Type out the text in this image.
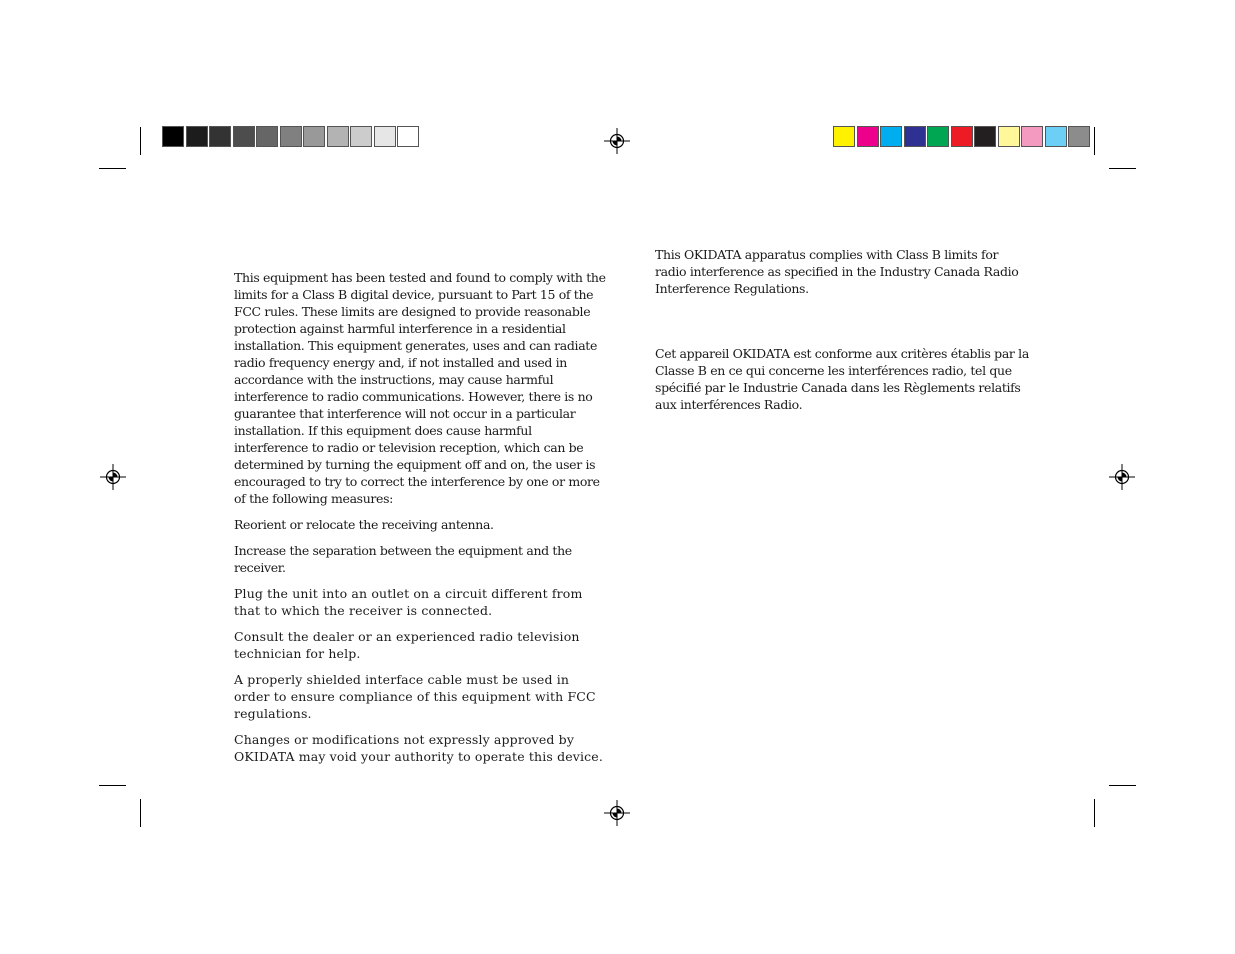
This equipment has been tested and found to comply with the limits for a Class B digital device, pursuant to Part 15 of the FCC rules. These limits are designed to provide reasonable protection against harmful interference in a residential installation. This equipment generates, uses and can radiate radio frequency energy and, if not installed and used in accordance with the instructions, may cause harmful interference to radio communications. However, there is no guarantee that interference will not occur in a particular installation. If this equipment does cause harmful interference to radio or television reception, which can be determined by turning the equipment off and on, the user is encouraged to try to correct the interference by one or more of the following measures:

Reorient or relocate the receiving antenna.

Increase the separation between the equipment and the receiver.

Plug the unit into an outlet on a circuit different from that to which the receiver is connected.

Consult the dealer or an experienced radio television technician for help.

A properly shielded interface cable must be used in order to ensure compliance of this equipment with FCC regulations.

Changes or modifications not expressly approved by OKIDATA may void your authority to operate this device.

This OKIDATA apparatus complies with Class B limits for radio interference as specified in the Industry Canada Radio Interference Regulations.

Cet appareil OKIDATA est conforme aux critères établis par la Classe B en ce qui concerne les interférences radio, tel que spécifié par le Industrie Canada dans les Règlements relatifs aux interférences Radio.
